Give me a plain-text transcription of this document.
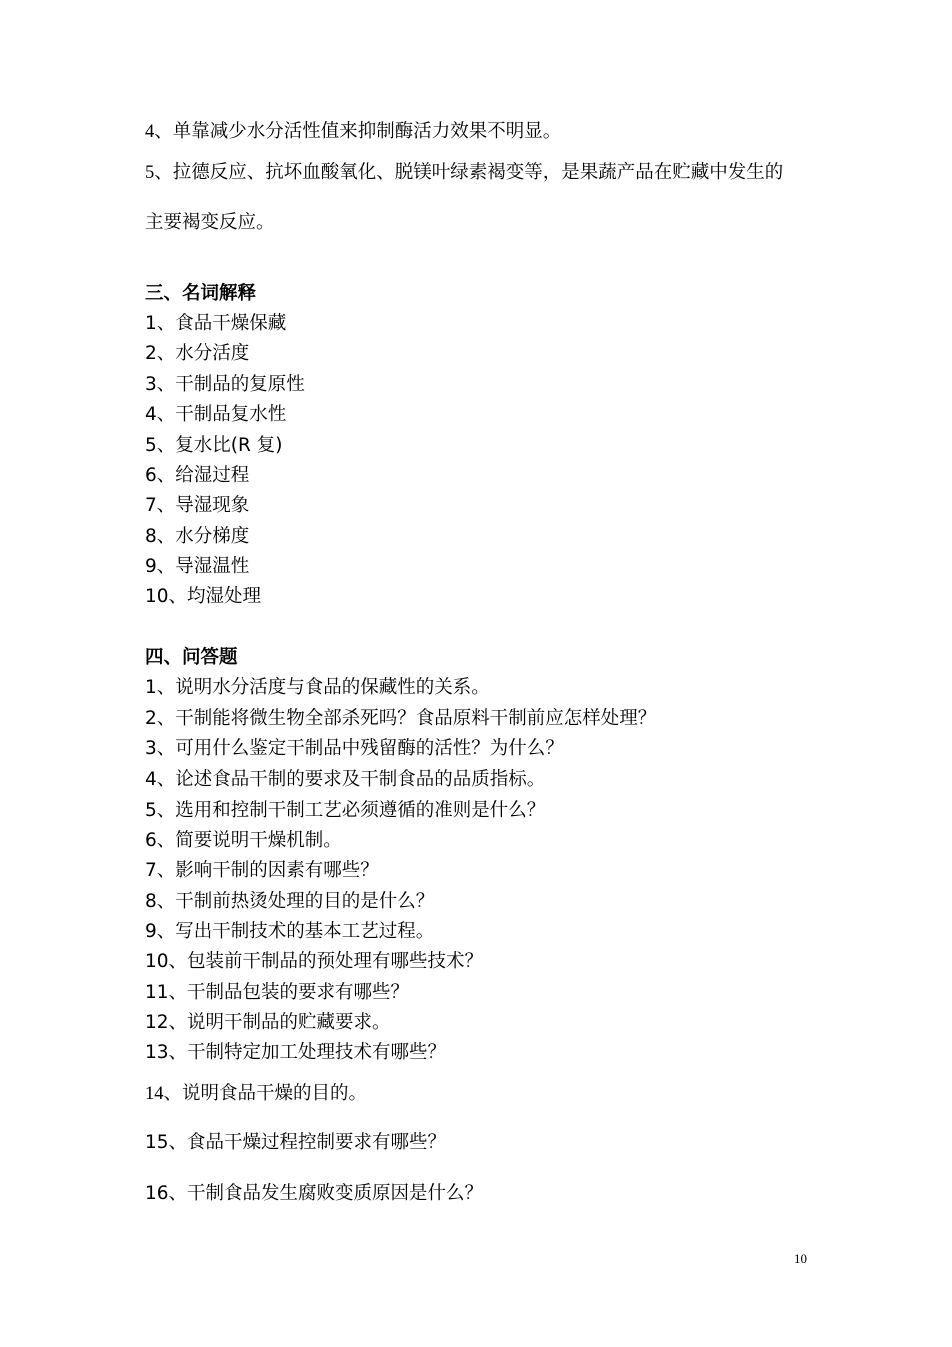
4、单靠减少水分活性值来抑制酶活力效果不明显。
5、拉德反应、抗坏血酸氧化、脱镁叶绿素褐变等，是果蔬产品在贮藏中发生的
主要褐变反应。
三、名词解释
1、食品干燥保藏
2、水分活度
3、干制品的复原性
4、干制品复水性
5、复水比(R 复)
6、给湿过程
7、导湿现象
8、水分梯度
9、导湿温性
10、均湿处理
四、问答题
1、说明水分活度与食品的保藏性的关系。
2、干制能将微生物全部杀死吗？食品原料干制前应怎样处理？
3、可用什么鉴定干制品中残留酶的活性？为什么？
4、论述食品干制的要求及干制食品的品质指标。
5、选用和控制干制工艺必须遵循的准则是什么？
6、简要说明干燥机制。
7、影响干制的因素有哪些？
8、干制前热烫处理的目的是什么？
9、写出干制技术的基本工艺过程。
10、包装前干制品的预处理有哪些技术？
11、干制品包装的要求有哪些？
12、说明干制品的贮藏要求。
13、干制特定加工处理技术有哪些？
14、说明食品干燥的目的。
15、食品干燥过程控制要求有哪些？
16、干制食品发生腐败变质原因是什么？
10
